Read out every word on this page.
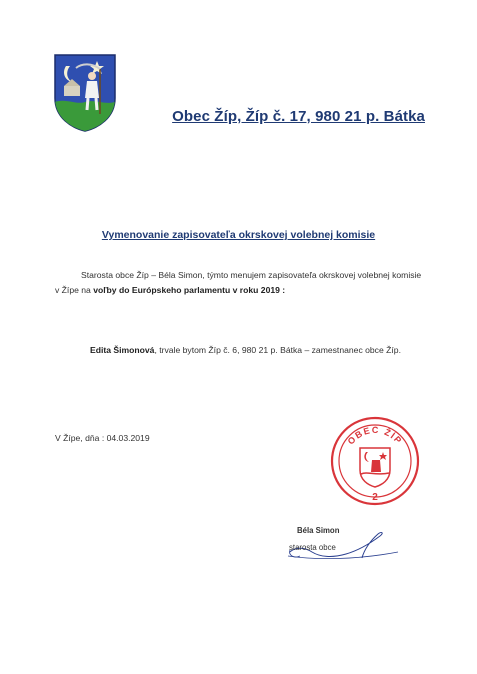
Obec Žíp, Žíp č. 17, 980 21 p. Bátka
Vymenovanie zapisovateľa okrskovej volebnej komisie
Starosta obce Žíp – Béla Simon, týmto menujem zapisovateľa okrskovej volebnej komisie
v Žípe na voľby do Európskeho parlamentu v roku 2019 :
Edita Šimonová, trvale bytom Žíp č. 6, 980 21 p. Bátka – zamestnanec obce Žíp.
V Žípe, dňa : 04.03.2019	OBEC ŽÍP
2
Béla Simon
starosta obce
